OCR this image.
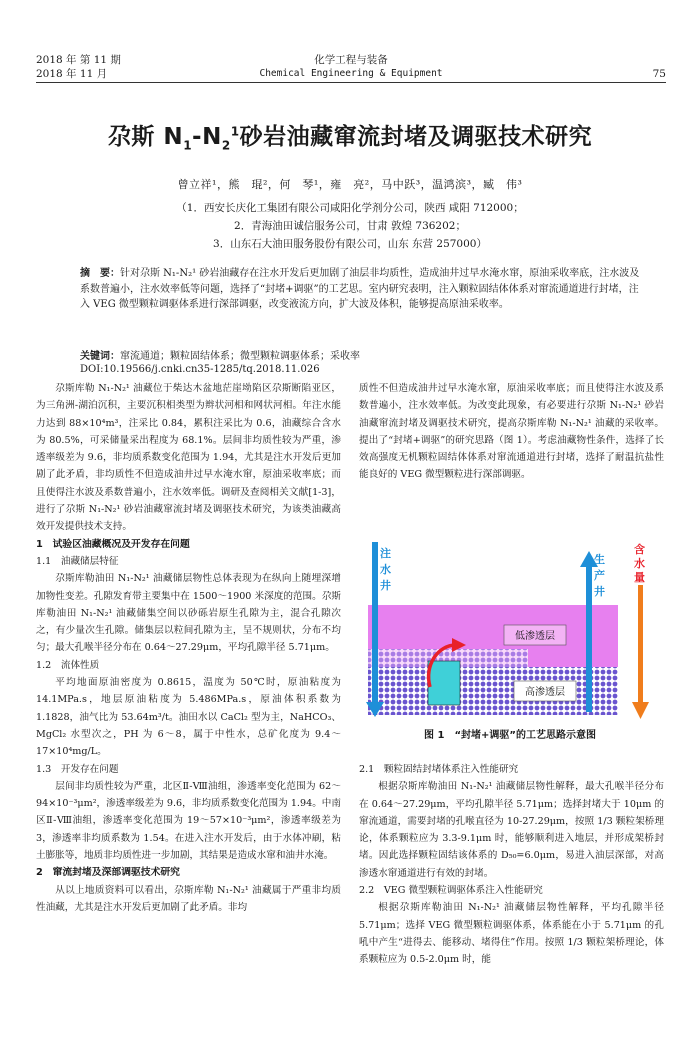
2018 年 第 11 期
2018 年 11 月
化学工程与装备
Chemical Engineering & Equipment	75
尕斯 $N_1-N_2^1$砂岩油藏窜流封堵及调驱技术研究
曾立祥¹，熊　琨²，何　琴¹，雍　亮²，马中跃³，温鸿滨³，臧　伟³
（1．西安长庆化工集团有限公司咸阳化学剂分公司，陕西 咸阳 712000；
2．青海油田诚信服务公司，甘肃 敦煌 736202；
3．山东石大油田服务股份有限公司，山东 东营 257000）
摘　要：针对尕斯 N₁-N₂¹ 砂岩油藏存在注水开发后更加剧了油层非均质性，造成油井过早水淹水窜，原油采收率底，注水波及系数普遍小，注水效率低等问题，选择了“封堵+调驱”的工艺思。室内研究表明，注入颗粒固结体体系对窜流通道进行封堵，注入 VEG 微型颗粒调驱体系进行深部调驱，改变液流方向，扩大波及体积，能够提高原油采收率。
关键词：窜流通道；颗粒固结体系；微型颗粒调驱体系；采收率
DOI:10.19566/j.cnki.cn35-1285/tq.2018.11.026

尕斯库勒 N₁-N₂¹ 油藏位于柴达木盆地茫崖坳陷区尕斯断陷亚区，为三角洲-湖泊沉积，主要沉积相类型为辫状河相和网状河相。年注水能力达到 88×10⁴m³，注采比 0.84，累积注采比为 0.6，油藏综合含水为 80.5%，可采储量采出程度为 68.1%。层间非均质性较为严重，渗透率级差为 9.6，非均质系数变化范围为 1.94，尤其是注水开发后更加剧了此矛盾，非均质性不但造成油井过早水淹水窜，原油采收率底；而且使得注水波及系数普遍小，注水效率低。调研及查阅相关文献[1-3]，进行了尕斯 N₁-N₂¹ 砂岩油藏窜流封堵及调驱技术研究，为该类油藏高效开发提供技术支持。

1　试验区油藏概况及开发存在问题
1.1　油藏储层特征

尕斯库勒油田 N₁-N₂¹ 油藏储层物性总体表现为在纵向上随埋深增加物性变差。孔隙发育带主要集中在 1500～1900 米深度的范围。尕斯库勒油田 N₁-N₂¹ 油藏储集空间以砂砾岩原生孔隙为主，混合孔隙次之，有少量次生孔隙。储集层以粒间孔隙为主，呈不规则状，分布不均匀；最大孔喉半径分布在 0.64～27.29μm，平均孔隙半径 5.71μm。

1.2　流体性质

平均地面原油密度为 0.8615，温度为 50℃时，原油粘度为 14.1MPa.s，地层原油粘度为 5.486MPa.s，原油体积系数为 1.1828，油气比为 53.64m³/t。油田水以 CaCl₂ 型为主，NaHCO₃、MgCl₂ 水型次之，PH 为 6～8，属于中性水，总矿化度为 9.4～17×10⁴mg/L。

1.3　开发存在问题

层间非均质性较为严重，北区Ⅱ-Ⅷ油组，渗透率变化范围为 62～94×10⁻³μm²，渗透率级差为 9.6，非均质系数变化范围为 1.94。中南区Ⅱ-Ⅷ油组，渗透率变化范围为 19～57×10⁻³μm²，渗透率级差为 3，渗透率非均质系数为 1.54。在进入注水开发后，由于水体冲刷，粘土膨胀等，地质非均质性进一步加剧，其结果是造成水窜和油井水淹。

2　窜流封堵及深部调驱技术研究

从以上地质资料可以看出，尕斯库勒 N₁-N₂¹ 油藏属于严重非均质性油藏，尤其是注水开发后更加剧了此矛盾。非均

质性不但造成油井过早水淹水窜，原油采收率底；而且使得注水波及系数普遍小，注水效率低。为改变此现象，有必要进行尕斯 N₁-N₂¹ 砂岩油藏窜流封堵及调驱技术研究，提高尕斯库勒 N₁-N₂¹ 油藏的采收率。提出了“封堵+调驱”的研究思路（图 1）。考虑油藏物性条件，选择了长效高强度无机颗粒固结体体系对窜流通道进行封堵，选择了耐温抗盐性能良好的 VEG 微型颗粒进行深部调驱。

注
水
井
生
产
井
含
水
量
低渗透层
高渗透层
图 1　“封堵+调驱”的工艺思路示意图
2.1　颗粒固结封堵体系注入性能研究

根据尕斯库勒油田 N₁-N₂¹ 油藏储层物性解释，最大孔喉半径分布在 0.64～27.29μm，平均孔隙半径 5.71μm；选择封堵大于 10μm 的窜流通道，需要封堵的孔喉直径为 10-27.29μm，按照 1/3 颗粒架桥理论，体系颗粒应为 3.3-9.1μm 时，能够顺利进入地层，并形成架桥封堵。因此选择颗粒固结该体系的 D₅₀=6.0μm，易进入油层深部，对高渗透水窜通道进行有效的封堵。

2.2　VEG 微型颗粒调驱体系注入性能研究

根据尕斯库勒油田 N₁-N₂¹ 油藏储层物性解释，平均孔隙半径 5.71μm；选择 VEG 微型颗粒调驱体系，体系能在小于 5.71μm 的孔吼中产生“进得去、能移动、堵得住”作用。按照 1/3 颗粒架桥理论，体系颗粒应为 0.5-2.0μm 时，能
